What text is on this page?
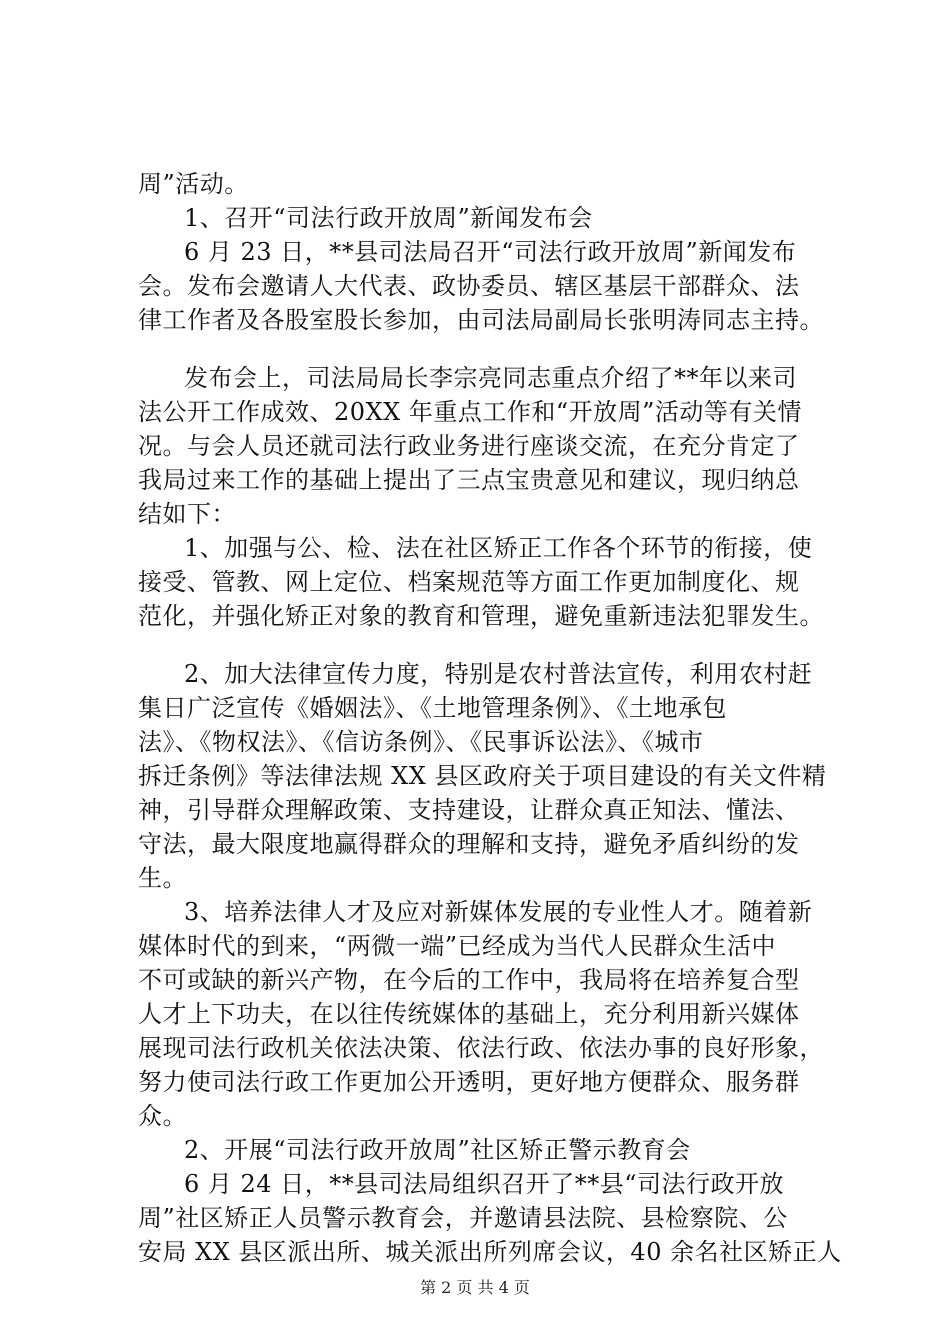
周”活动。
1、召开“司法行政开放周”新闻发布会
6 月 23 日，**县司法局召开“司法行政开放周”新闻发布
会。发布会邀请人大代表、政协委员、辖区基层干部群众、法
律工作者及各股室股长参加，由司法局副局长张明涛同志主持。
发布会上，司法局局长李宗亮同志重点介绍了**年以来司
法公开工作成效、20XX 年重点工作和“开放周”活动等有关情
况。与会人员还就司法行政业务进行座谈交流，在充分肯定了
我局过来工作的基础上提出了三点宝贵意见和建议，现归纳总
结如下：
1、加强与公、检、法在社区矫正工作各个环节的衔接，使
接受、管教、网上定位、档案规范等方面工作更加制度化、规
范化，并强化矫正对象的教育和管理，避免重新违法犯罪发生。
2、加大法律宣传力度，特别是农村普法宣传，利用农村赶
集日广泛宣传《婚姻法》、《土地管理条例》、《土地承包
法》、《物权法》、《信访条例》、《民事诉讼法》、《城市
拆迁条例》等法律法规 XX 县区政府关于项目建设的有关文件精
神，引导群众理解政策、支持建设，让群众真正知法、懂法、
守法，最大限度地赢得群众的理解和支持，避免矛盾纠纷的发
生。
3、培养法律人才及应对新媒体发展的专业性人才。随着新
媒体时代的到来，“两微一端”已经成为当代人民群众生活中
不可或缺的新兴产物，在今后的工作中，我局将在培养复合型
人才上下功夫，在以往传统媒体的基础上，充分利用新兴媒体
展现司法行政机关依法决策、依法行政、依法办事的良好形象，
努力使司法行政工作更加公开透明，更好地方便群众、服务群
众。
2、开展“司法行政开放周”社区矫正警示教育会
6 月 24 日，**县司法局组织召开了**县“司法行政开放
周”社区矫正人员警示教育会，并邀请县法院、县检察院、公
安局 XX 县区派出所、城关派出所列席会议，40 余名社区矫正人
第 2 页 共 4 页
